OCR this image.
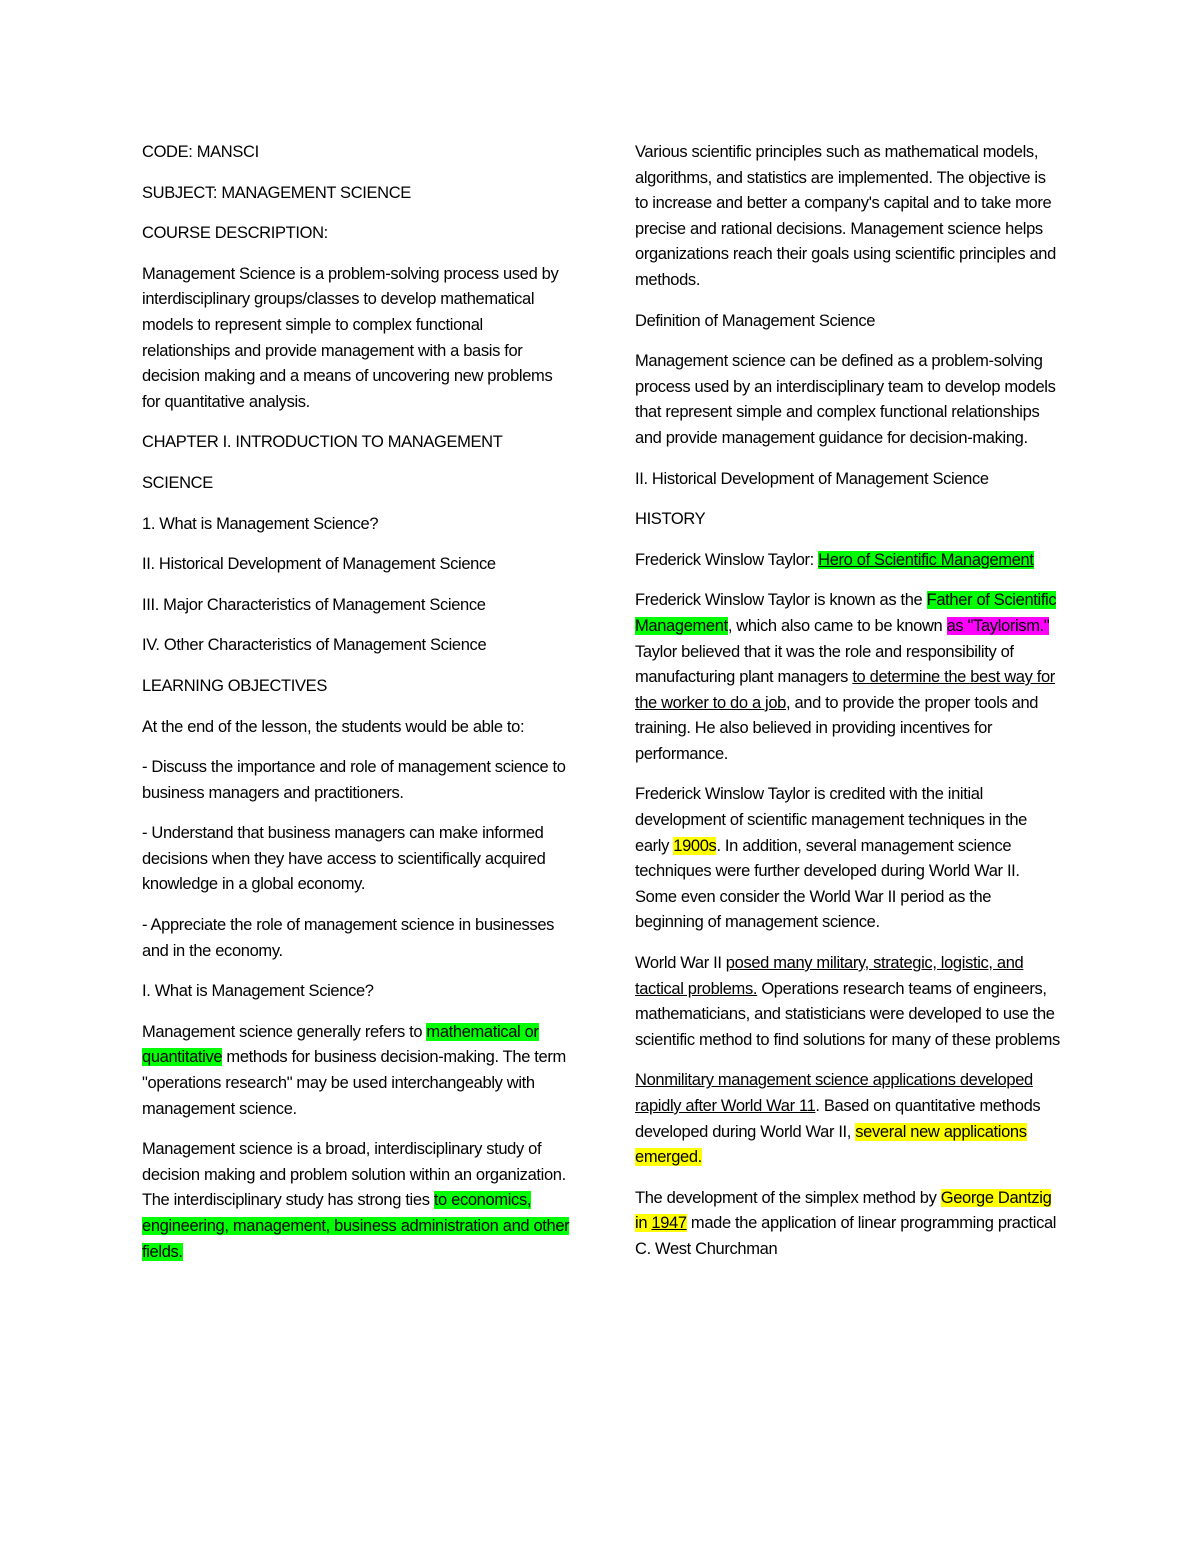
CODE: MANSCI

SUBJECT: MANAGEMENT SCIENCE

COURSE DESCRIPTION:

Management Science is a problem-solving process used by interdisciplinary groups/classes to develop mathematical models to represent simple to complex functional relationships and provide management with a basis for decision making and a means of uncovering new problems for quantitative analysis.

CHAPTER I. INTRODUCTION TO MANAGEMENT

SCIENCE

1. What is Management Science?

II. Historical Development of Management Science

III. Major Characteristics of Management Science

IV. Other Characteristics of Management Science

LEARNING OBJECTIVES

At the end of the lesson, the students would be able to:

- Discuss the importance and role of management science to business managers and practitioners.

- Understand that business managers can make informed decisions when they have access to scientifically acquired knowledge in a global economy.

- Appreciate the role of management science in businesses and in the economy.

I. What is Management Science?

Management science generally refers to mathematical or quantitative methods for business decision-making. The term "operations research" may be used interchangeably with management science.

Management science is a broad, interdisciplinary study of decision making and problem solution within an organization. The interdisciplinary study has strong ties to economics, engineering, management, business administration and other fields.

Various scientific principles such as mathematical models, algorithms, and statistics are implemented. The objective is to increase and better a company's capital and to take more precise and rational decisions. Management science helps organizations reach their goals using scientific principles and methods.

Definition of Management Science

Management science can be defined as a problem-solving process used by an interdisciplinary team to develop models that represent simple and complex functional relationships and provide management guidance for decision-making.

II. Historical Development of Management Science

HISTORY

Frederick Winslow Taylor: Hero of Scientific Management

Frederick Winslow Taylor is known as the Father of Scientific Management, which also came to be known as "Taylorism." Taylor believed that it was the role and responsibility of manufacturing plant managers to determine the best way for the worker to do a job, and to provide the proper tools and training. He also believed in providing incentives for performance.

Frederick Winslow Taylor is credited with the initial development of scientific management techniques in the early 1900s. In addition, several management science techniques were further developed during World War II. Some even consider the World War II period as the beginning of management science.

World War II posed many military, strategic, logistic, and tactical problems. Operations research teams of engineers, mathematicians, and statisticians were developed to use the scientific method to find solutions for many of these problems

Nonmilitary management science applications developed rapidly after World War 11. Based on quantitative methods developed during World War II, several new applications emerged.

The development of the simplex method by George Dantzig in 1947 made the application of linear programming practical C. West Churchman
